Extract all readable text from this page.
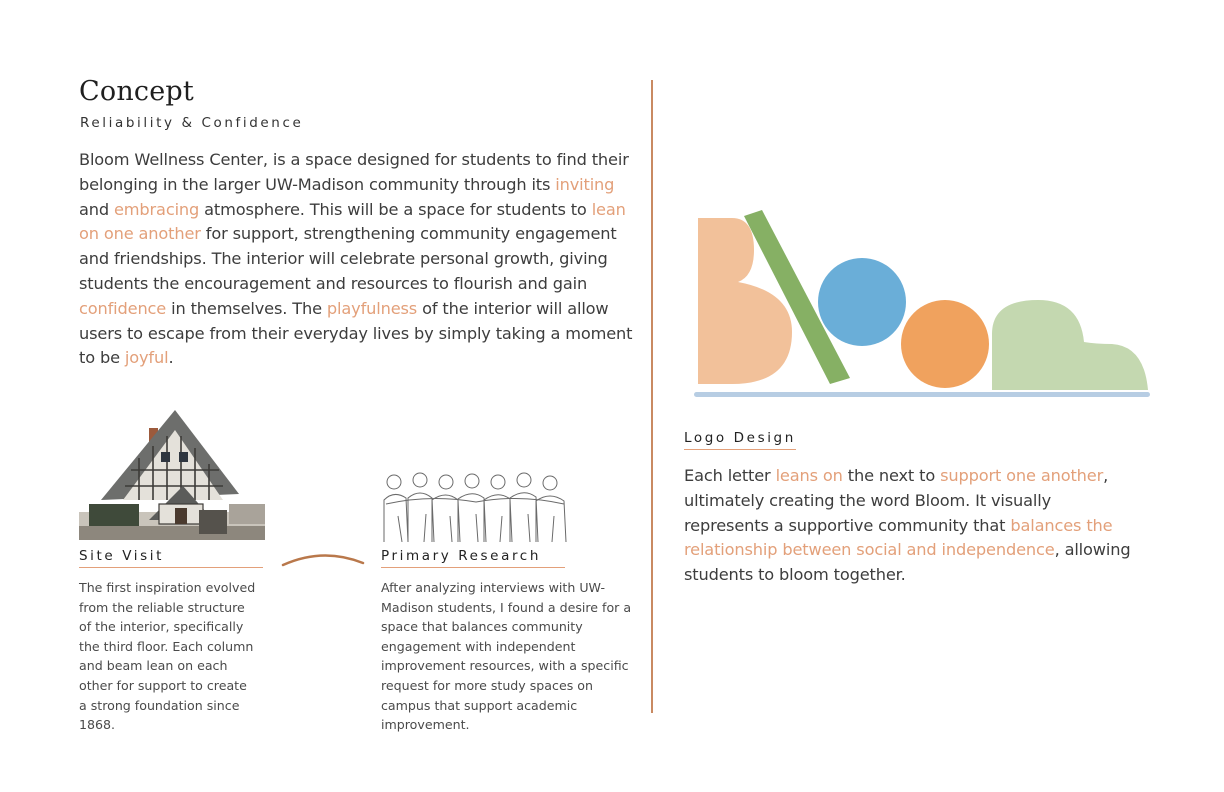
Concept
Reliability & Confidence

Bloom Wellness Center, is a space designed for students to find their belonging in the larger UW-Madison community through its inviting and embracing atmosphere. This will be a space for students to lean on one another for support, strengthening community engagement and friendships. The interior will celebrate personal growth, giving students the encouragement and resources to flourish and gain confidence in themselves. The playfulness of the interior will allow users to escape from their everyday lives by simply taking a moment to be joyful.

Site Visit	Primary Research
The first inspiration evolved from the reliable structure of the interior, specifically the third floor. Each column and beam lean on each other for support to create a strong foundation since 1868.
After analyzing interviews with UW-Madison students, I found a desire for a space that balances community engagement with independent improvement resources, with a specific request for more study spaces on campus that support academic improvement.
Logo Design

Each letter leans on the next to support one another, ultimately creating the word Bloom. It visually represents a supportive community that balances the relationship between social and independence, allowing students to bloom together.
